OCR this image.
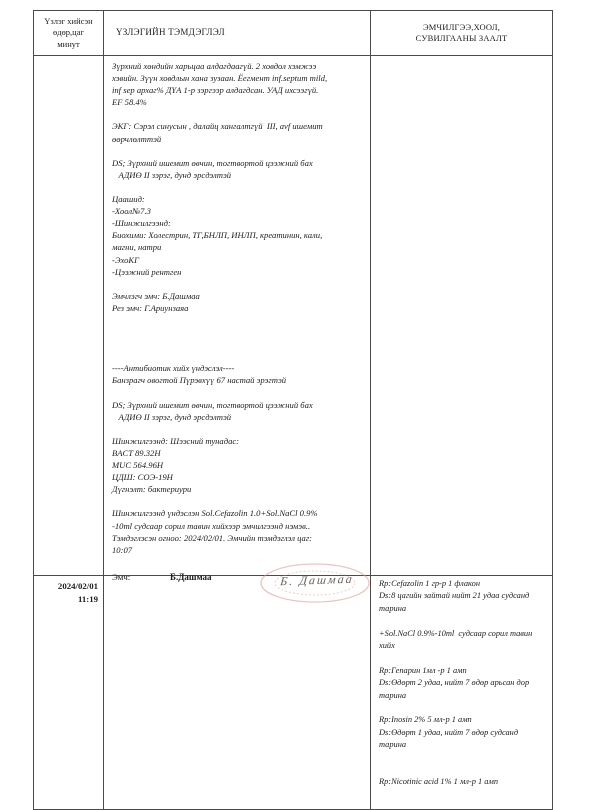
Үзлэг хийсэн
өдөр,цаг
минут
ҮЗЛЭГИЙН ТЭМДЭГЛЭЛ
ЭМЧИЛГЭЭ,ХООЛ,
СУВИЛГААНЫ ЗААЛТ
Зүрхний хөндийн харьцаа алдагдаагүй. 2 ховдол хэмжээ
хэвийн. Зүүн ховдлын хана зузаан. Ёегмент inf.septum mild,
inf sep архаг% ДҮА 1-р зэргээр алдагдсан. УАД ихсээгүй.
EF 58.4%

ЭКГ: Сэрэл синусын , далайц хангалтгүй  III, avf ишемит
өөрчлөлттэй

DS; Зүрхний ишемит өвчин, тогтвортой цээжний бах
АДИӨ II зэрэг, дунд эрсдэлтэй

Цаашид:
-Хоол№7.3
-Шинжилгээнд:
Биохими: Холестрин, ТГ,БНЛП, ИНЛП, креатинин, кали,
магни, натри
-ЭхоКГ
-Цээжний рентген

Эмчлэгч эмч: Б.Дашмаа
Рез эмч: Г.Ариунзаяа

----Антибиотик хийх үндэслэл----
Банзрагч овогтой Пүрэвхүү 67 настай эрэгтэй

DS; Зүрхний ишемит өвчин, тогтвортой цээжний бах
АДИӨ II зэрэг, дунд эрсдэлтэй

Шинжилгээнд: Шээсний тунадас:
BACT 89.32H
MUC 564.96H
ЦДШ: СОЭ-19Н
Дүгнэлт: бактериури

Шинжилгээнд үндэслэн Sol.Cefazolin 1.0+Sol.NaCl 0.9%
-10ml судсаар сорил тавин хийхээр эмчилгээнд нэмэв..
Тэмдэглэсэн огноо: 2024/02/01. Эмчийн тэмдэглэл цаг:
10:07
Эмч:	Б.Дашмаа	Б. Дашмаа
2024/02/01
11:19
Rp:Cefazolin 1 гр-р 1 флакон
Ds:8 цагийн зайтай нийт 21 удаа судсанд
тарина

+Sol.NaCl 0.9%-10ml  судсаар сорил тавин
хийх

Rp:Гепарин 1мл -р 1 амп
Ds:Өдөрт 2 удаа, нийт 7 өдөр арьсан дор
тарина

Rp:Inosin 2% 5 мл-р 1 амп
Ds:Өдөрт 1 удаа, нийт 7 өдөр судсанд
тарина

Rp:Nicotinic acid 1% 1 мл-р 1 амп
